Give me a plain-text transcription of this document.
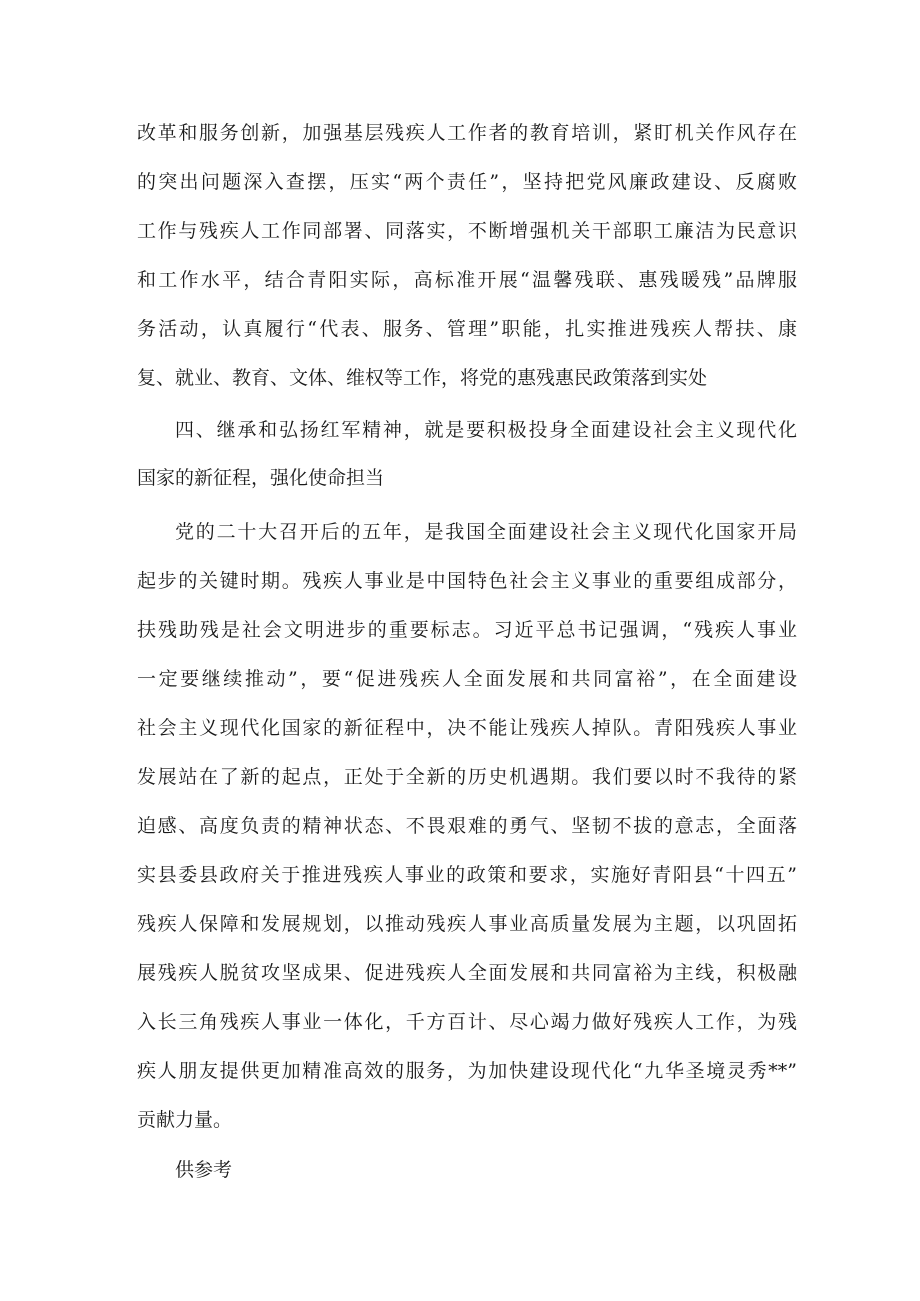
改革和服务创新，加强基层残疾人工作者的教育培训，紧盯机关作风存在

的突出问题深入查摆，压实“两个责任”，坚持把党风廉政建设、反腐败

工作与残疾人工作同部署、同落实，不断增强机关干部职工廉洁为民意识

和工作水平，结合青阳实际，高标准开展“温馨残联、惠残暖残”品牌服

务活动，认真履行“代表、服务、管理”职能，扎实推进残疾人帮扶、康

复、就业、教育、文体、维权等工作，将党的惠残惠民政策落到实处

四、继承和弘扬红军精神，就是要积极投身全面建设社会主义现代化

国家的新征程，强化使命担当

党的二十大召开后的五年，是我国全面建设社会主义现代化国家开局

起步的关键时期。残疾人事业是中国特色社会主义事业的重要组成部分，

扶残助残是社会文明进步的重要标志。习近平总书记强调，“残疾人事业

一定要继续推动”，要“促进残疾人全面发展和共同富裕”，在全面建设

社会主义现代化国家的新征程中，决不能让残疾人掉队。青阳残疾人事业

发展站在了新的起点，正处于全新的历史机遇期。我们要以时不我待的紧

迫感、高度负责的精神状态、不畏艰难的勇气、坚韧不拔的意志，全面落

实县委县政府关于推进残疾人事业的政策和要求，实施好青阳县“十四五”

残疾人保障和发展规划，以推动残疾人事业高质量发展为主题，以巩固拓

展残疾人脱贫攻坚成果、促进残疾人全面发展和共同富裕为主线，积极融

入长三角残疾人事业一体化，千方百计、尽心竭力做好残疾人工作，为残

疾人朋友提供更加精准高效的服务，为加快建设现代化“九华圣境灵秀**”

贡献力量。

供参考
